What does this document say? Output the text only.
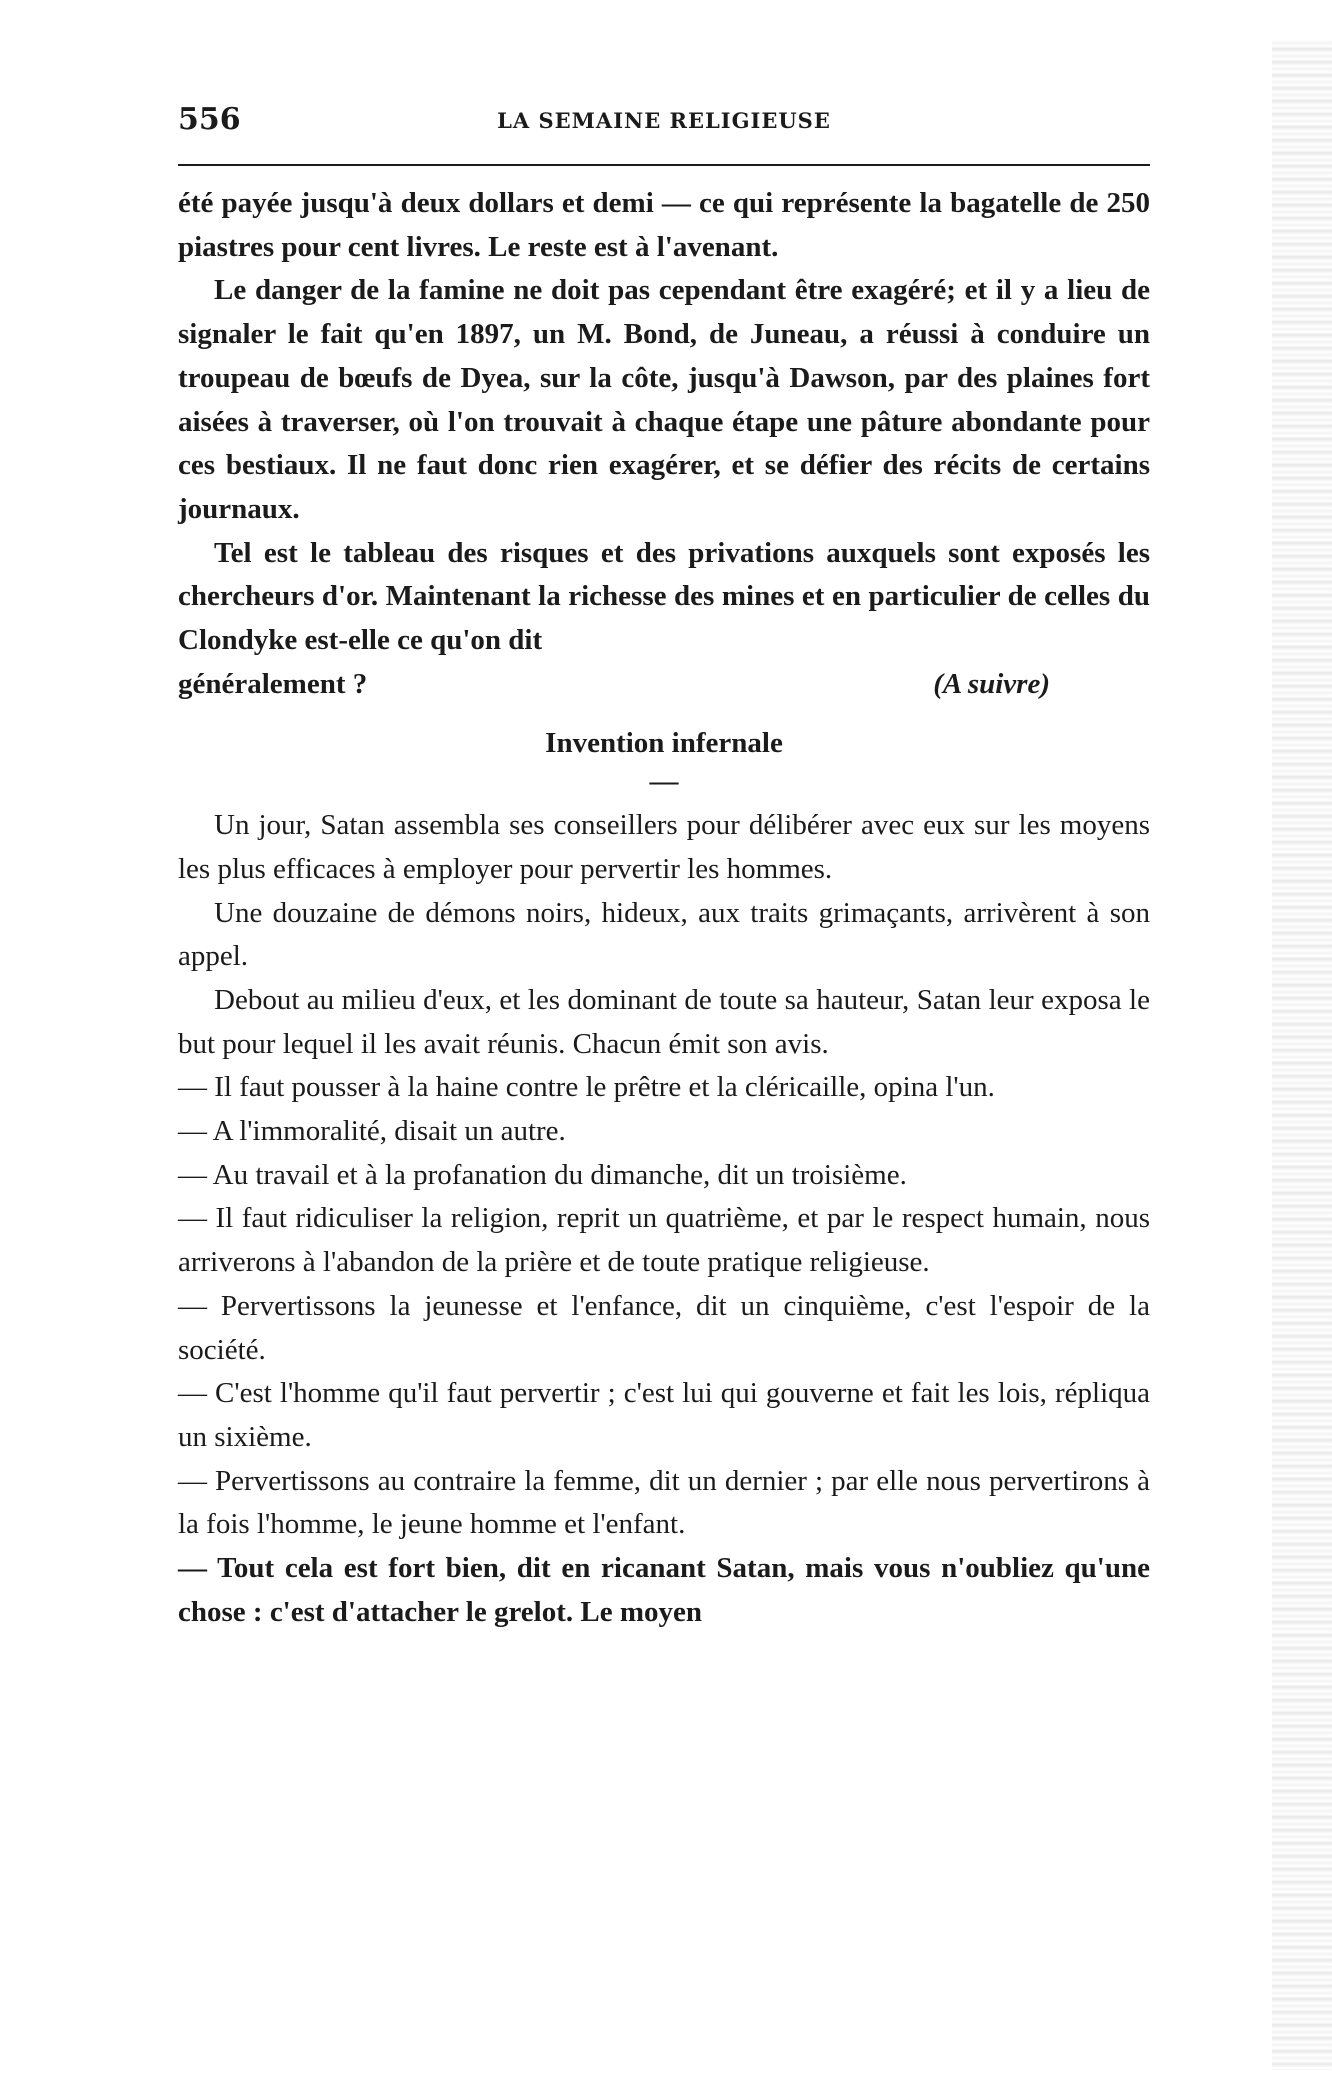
556	LA SEMAINE RELIGIEUSE

été payée jusqu'à deux dollars et demi — ce qui représente la bagatelle de 250 piastres pour cent livres. Le reste est à l'avenant.

Le danger de la famine ne doit pas cependant être exagéré; et il y a lieu de signaler le fait qu'en 1897, un M. Bond, de Juneau, a réussi à conduire un troupeau de bœufs de Dyea, sur la côte, jusqu'à Dawson, par des plaines fort aisées à traverser, où l'on trouvait à chaque étape une pâture abondante pour ces bestiaux. Il ne faut donc rien exagérer, et se défier des récits de certains journaux.

Tel est le tableau des risques et des privations auxquels sont exposés les chercheurs d'or. Maintenant la richesse des mines et en particulier de celles du Clondyke est-elle ce qu'on dit

généralement ?	(A suivre)

Invention infernale

—

Un jour, Satan assembla ses conseillers pour délibérer avec eux sur les moyens les plus efficaces à employer pour pervertir les hommes.

Une douzaine de démons noirs, hideux, aux traits grimaçants, arrivèrent à son appel.

Debout au milieu d'eux, et les dominant de toute sa hauteur, Satan leur exposa le but pour lequel il les avait réunis. Chacun émit son avis.

— Il faut pousser à la haine contre le prêtre et la cléricaille, opina l'un.

— A l'immoralité, disait un autre.

— Au travail et à la profanation du dimanche, dit un troisième.

— Il faut ridiculiser la religion, reprit un quatrième, et par le respect humain, nous arriverons à l'abandon de la prière et de toute pratique religieuse.

— Pervertissons la jeunesse et l'enfance, dit un cinquième, c'est l'espoir de la société.

— C'est l'homme qu'il faut pervertir ; c'est lui qui gouverne et fait les lois, répliqua un sixième.

— Pervertissons au contraire la femme, dit un dernier ; par elle nous pervertirons à la fois l'homme, le jeune homme et l'enfant.

— Tout cela est fort bien, dit en ricanant Satan, mais vous n'oubliez qu'une chose : c'est d'attacher le grelot. Le moyen
